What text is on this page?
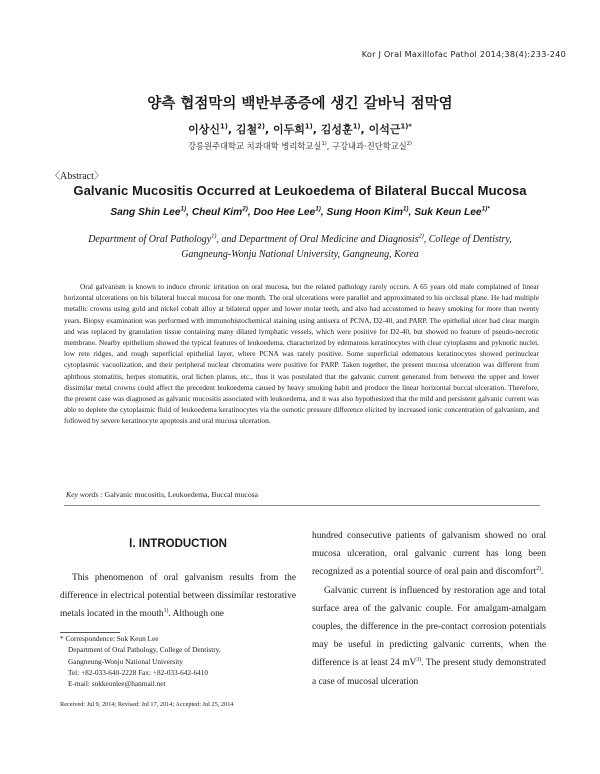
Kor J Oral Maxillofac Pathol 2014;38(4):233-240
양측 협점막의 백반부종증에 생긴 갈바닉 점막염
이상신$^{1)}$, 김철$^{2)}$, 이두희$^{1)}$, 김성훈$^{1)}$, 이석근$^{1)*}$
강릉원주대학교 치과대학 병리학교실$^{1)}$, 구강내과·진단학교실$^{2)}$
〈Abstract〉
Galvanic Mucositis Occurred at Leukoedema of Bilateral Buccal Mucosa
Sang Shin Lee$^{1)}$, Cheul Kim$^{2)}$, Doo Hee Lee$^{1)}$, Sung Hoon Kim$^{1)}$, Suk Keun Lee$^{1)*}$
Department of Oral Pathology$^{1)}$, and Department of Oral Medicine and Diagnosis$^{2)}$, College of Dentistry,
Gangneung-Wonju National University, Gangneung, Korea

Oral galvanism is known to induce chronic irritation on oral mucosa, but the related pathology rarely occurs. A 65 years old male complained of linear horizontal ulcerations on his bilateral buccal mucosa for one month. The oral ulcerations were parallel and approximated to his occlusal plane. He had multiple metallic crowns using gold and nickel cobalt alloy at bilateral upper and lower molar teeth, and also had accustomed to heavy smoking for more than twenty years. Biopsy examination was performed with immunohistochemical staining using antisera of PCNA, D2-40, and PARP. The epithelial ulcer had clear margin and was replaced by granulation tissue containing many dilated lymphatic vessels, which were positive for D2-40, but showed no feature of pseudo-necrotic membrane. Nearby epithelium showed the typical features of leukoedema, characterized by edematous keratinocytes with clear cytoplasms and pyknotic nuclei, low rete ridges, and rough superficial epithelial layer, where PCNA was rarely positive. Some superficial edematous keratinocytes showed perinuclear cytoplasmic vacuolization, and their peripheral nuclear chromatins were positive for PARP. Taken together, the present mucosa ulceration was different from aphthous stomatitis, herpes stomatitis, oral lichen planus, etc., thus it was postulated that the galvanic current generated from between the upper and lower dissimilar metal crowns could affect the precedent leukoedema caused by heavy smoking habit and produce the linear horizontal buccal ulceration. Therefore, the present case was diagnosed as galvanic mucositis associated with leukoedema, and it was also hypothesized that the mild and persistent galvanic current was able to deplete the cytoplasmic fluid of leukoedema keratinocytes via the osmotic pressure difference elicited by increased ionic concentration of galvanism, and followed by severe keratinocyte apoptosis and oral mucosa ulceration.

Key words : Galvanic mucositis, Leukoedema, Buccal mucosa
Ⅰ. INTRODUCTION

This phenomenon of oral galvanism results from the difference in electrical potential between dissimilar restorative metals located in the mouth$^{1)}$. Although one

* Correspondence: Suk Keun Lee
Department of Oral Pathology, College of Dentistry,
Gangneung-Wonju National University
Tel: +82-033-640-2228 Fax: +82-033-642-6410
E-mail: sukkeunlee@hanmail.net
Received: Jul 9, 2014; Revised: Jul 17, 2014; Accepted: Jul 25, 2014

hundred consecutive patients of galvanism showed no oral mucosa ulceration, oral galvanic current has long been recognized as a potential source of oral pain and discomfort$^{2)}$.

Galvanic current is influenced by restoration age and total surface area of the galvanic couple. For amalgam-amalgam couples, the difference in the pre-contact corrosion potentials may be useful in predicting galvanic currents, when the difference is at least 24 $mV^{3)}$. The present study demonstrated a case of mucosal ulceration
